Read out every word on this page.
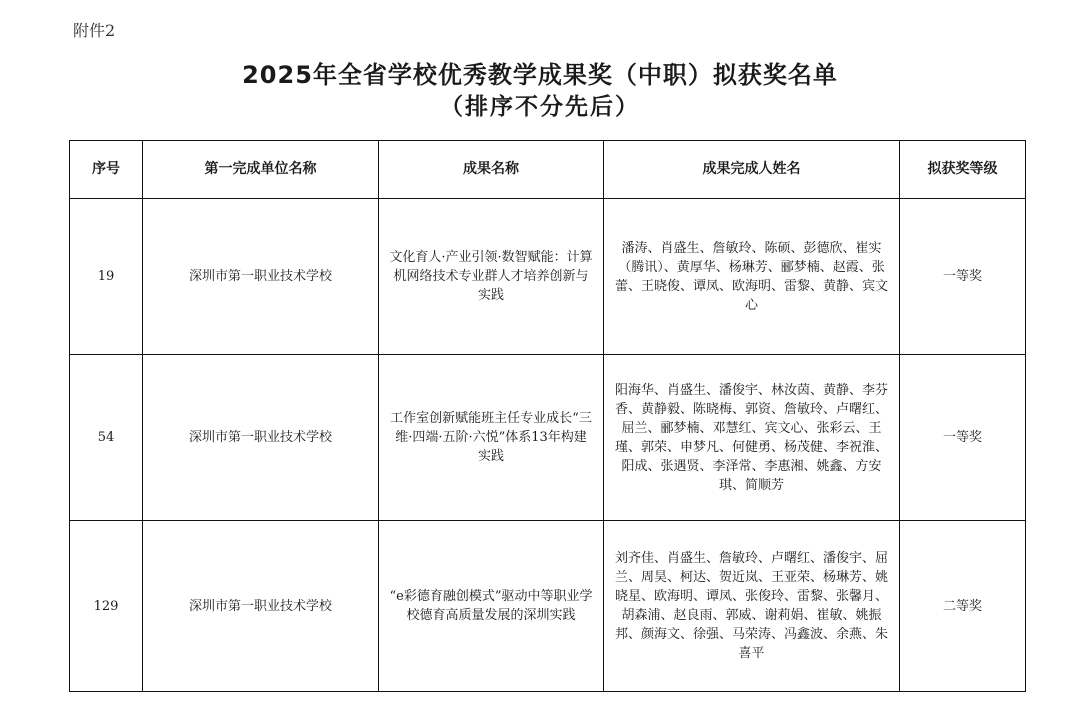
附件2
2025年全省学校优秀教学成果奖（中职）拟获奖名单
（排序不分先后）
序号	第一完成单位名称	成果名称	成果完成人姓名	拟获奖等级
19	深圳市第一职业技术学校	文化育人·产业引领·数智赋能：计算机网络技术专业群人才培养创新与实践	潘涛、肖盛生、詹敏玲、陈硕、彭德欣、崔实（腾讯）、黄厚华、杨琳芳、郦梦楠、赵霞、张蕾、王晓俊、谭凤、欧海明、雷黎、黄静、宾文心	一等奖
54	深圳市第一职业技术学校	工作室创新赋能班主任专业成长“三维·四端·五阶·六悦”体系13年构建实践	阳海华、肖盛生、潘俊宇、林汝茵、黄静、李芬香、黄静毅、陈晓梅、郭资、詹敏玲、卢曙红、屈兰、郦梦楠、邓慧红、宾文心、张彩云、王瑾、郭荣、申梦凡、何健勇、杨茂健、李祝淮、阳成、张遇贤、李泽常、李惠湘、姚鑫、方安琪、简顺芳	一等奖
129	深圳市第一职业技术学校	“e彩德育融创模式”驱动中等职业学校德育高质量发展的深圳实践	刘齐佳、肖盛生、詹敏玲、卢曙红、潘俊宇、屈兰、周昊、柯达、贺近岚、王亚荣、杨琳芳、姚晓星、欧海明、谭凤、张俊玲、雷黎、张馨月、胡森浦、赵良雨、郭威、谢莉娟、崔敏、姚振邦、颜海文、徐强、马荣涛、冯鑫波、余燕、朱喜平	二等奖
